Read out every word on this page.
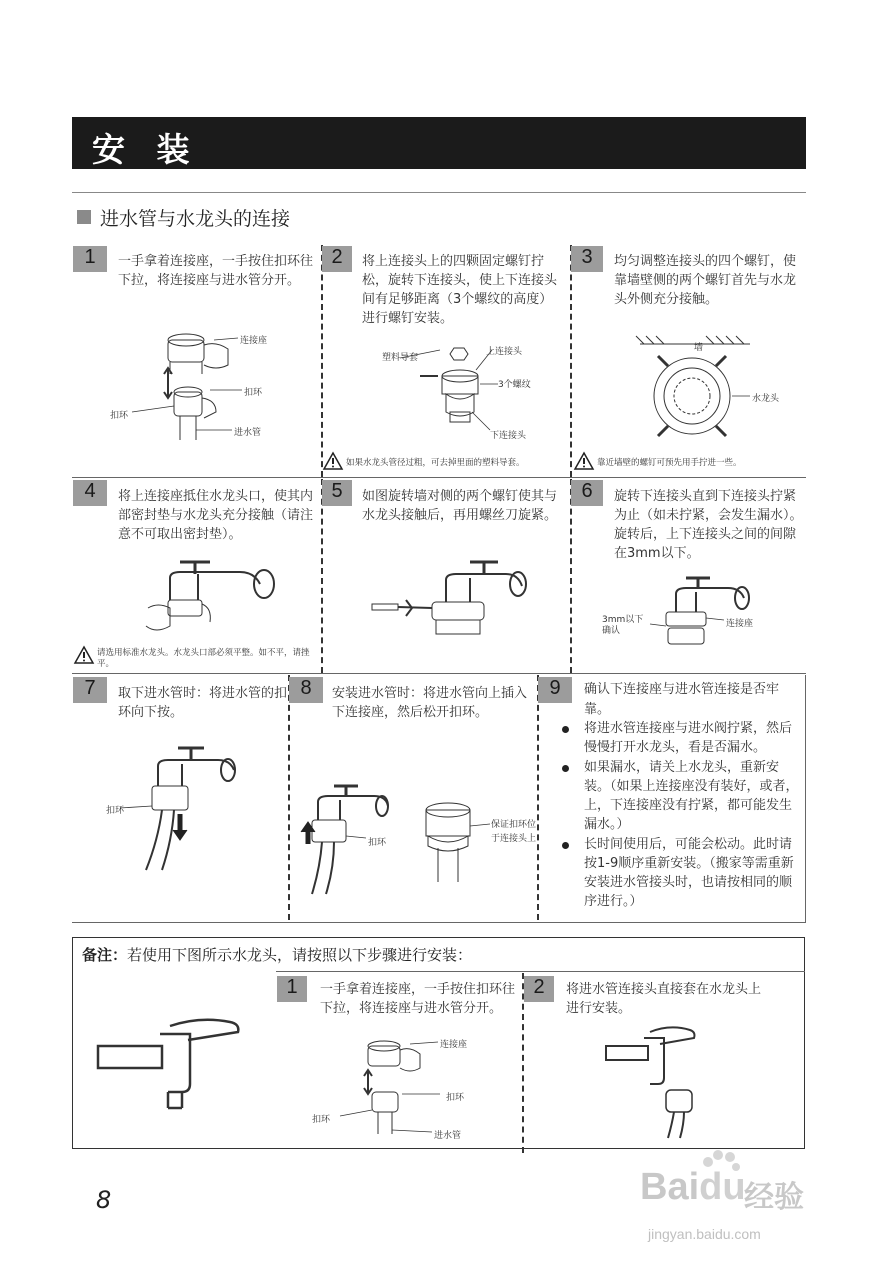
安 装
进水管与水龙头的连接
1	一手拿着连接座，一手按住扣环往下拉，将连接座与进水管分开。
连接座
扣环
扣环
进水管
2	将上连接头上的四颗固定螺钉拧松，旋转下连接头，使上下连接头间有足够距离（3个螺纹的高度）进行螺钉安装。
塑料导套
上连接头
3个螺纹
下连接头
如果水龙头管径过粗，可去掉里面的塑料导套。
3	均匀调整连接头的四个螺钉，使靠墙壁侧的两个螺钉首先与水龙头外侧充分接触。
墙
水龙头
靠近墙壁的螺钉可预先用手拧进一些。
4	将上连接座抵住水龙头口，使其内部密封垫与水龙头充分接触（请注意不可取出密封垫）。
请选用标准水龙头。水龙头口部必须平整。如不平，请挫平。
5	如图旋转墙对侧的两个螺钉使其与水龙头接触后，再用螺丝刀旋紧。
6	旋转下连接头直到下连接头拧紧为止（如未拧紧，会发生漏水）。旋转后，上下连接头之间的间隙在3mm以下。
3mm以下确认
连接座
7	取下进水管时：将进水管的扣环向下按。
扣环
8	安装进水管时：将进水管向上插入下连接座，然后松开扣环。
扣环
保证扣环位于连接头上
9	确认下连接座与进水管连接是否牢靠。
将进水管连接座与进水阀拧紧，然后慢慢打开水龙头，看是否漏水。
如果漏水，请关上水龙头，重新安装。（如果上连接座没有装好，或者，上，下连接座没有拧紧，都可能发生漏水。）
长时间使用后，可能会松动。此时请按1-9顺序重新安装。（搬家等需重新安装进水管接头时，也请按相同的顺序进行。）
备注：若使用下图所示水龙头，请按照以下步骤进行安装：
1	一手拿着连接座，一手按住扣环往下拉，将连接座与进水管分开。
连接座
扣环
扣环
进水管
2	将进水管连接头直接套在水龙头上进行安装。
8	Baidu
经验
jingyan.baidu.com
